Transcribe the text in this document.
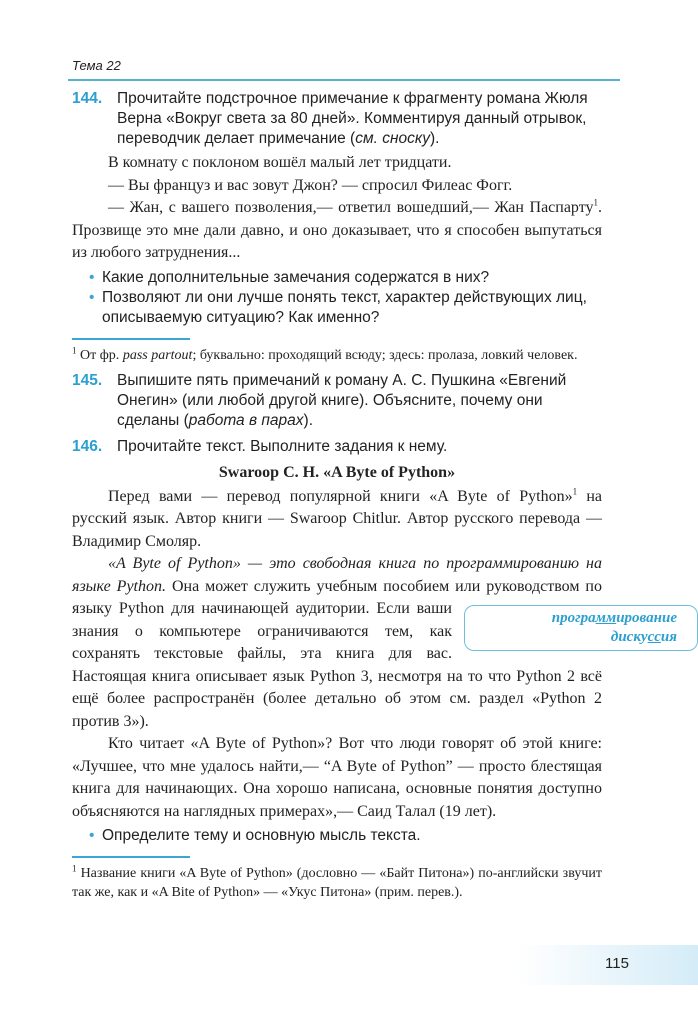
Тема 22
144. Прочитайте подстрочное примечание к фрагменту романа Жюля Верна «Вокруг света за 80 дней». Комментируя данный отрывок, переводчик делает примечание (см. сноску).

В комнату с поклоном вошёл малый лет тридцати.

— Вы француз и вас зовут Джон? — спросил Филеас Фогг.

— Жан, с вашего позволения,— ответил вошедший,— Жан Паспарту$^1$. Прозвище это мне дали давно, и оно доказывает, что я способен выпутаться из любого затруднения...

• Какие дополнительные замечания содержатся в них?

• Позволяют ли они лучше понять текст, характер действующих лиц, описываемую ситуацию? Как именно?

$^1$ От фр. pass partout; буквально: проходящий всюду; здесь: пролаза, ловкий человек.

145. Выпишите пять примечаний к роману А. С. Пушкина «Евгений Онегин» (или любой другой книге). Объясните, почему они сделаны (работа в парах).
146. Прочитайте текст. Выполните задания к нему.
Swaroop C. H. «A Byte of Python»

Перед вами — перевод популярной книги «A Byte of Python»$^1$ на русский язык. Автор книги — Swaroop Chitlur. Автор русского перевода — Владимир Смоляр.

программирование
дискуссия
«A Byte of Python» — это свободная книга по программированию на языке Python. Она может служить учебным пособием или руководством по языку Python для начинающей аудитории. Если ваши знания о компьютере ограничиваются тем, как сохранять текстовые файлы, эта книга для вас. Настоящая книга описывает язык Python 3, несмотря на то что Python 2 всё ещё более распространён (более детально об этом см. раздел «Python 2 против 3»).

Кто читает «A Byte of Python»? Вот что люди говорят об этой книге: «Лучшее, что мне удалось найти,— “A Byte of Python” — просто блестящая книга для начинающих. Она хорошо написана, основные понятия доступно объясняются на наглядных примерах»,— Саид Талал (19 лет).

• Определите тему и основную мысль текста.

$^1$ Название книги «A Byte of Python» (дословно — «Байт Питона») по-английски звучит так же, как и «A Bite of Python» — «Укус Питона» (прим. перев.).

115
